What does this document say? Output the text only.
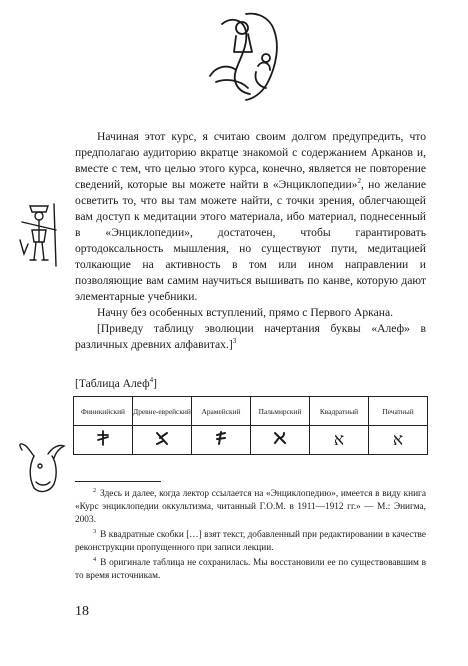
Начиная этот курс, я считаю своим долгом предупредить, что предполагаю аудиторию вкратце знакомой с содержанием Арканов и, вместе с тем, что целью этого курса, конечно, является не повторение сведений, которые вы можете найти в «Энциклопедии»$^2$, но желание осветить то, что вы там можете найти, с точки зрения, облегчающей вам доступ к медитации этого материала, ибо материал, поднесенный в «Энциклопедии», достаточен, чтобы гарантировать ортодоксальность мышления, но существуют пути, медитацией толкающие на активность в том или ином направлении и позволяющие вам самим научиться вышивать по канве, которую дают элементарные учебники.

Начну без особенных вступлений, прямо с Первого Аркана.

[Приведу таблицу эволюции начертания буквы «Алеф» в различных древних алфавитах.]$^3$

[Таблица Алеф$^4$]
Финикийский	Древне-еврейский	Арамейский	Пальмирский	Квадратный	Печатный
				א	א

$^2$ Здесь и далее, когда лектор ссылается на «Энциклопедию», имеется в виду книга «Курс энциклопедии оккультизма, читанный Г.О.М. в 1911—1912 гг.» — М.: Энигма, 2003.

$^3$ В квадратные скобки […] взят текст, добавленный при редактировании в качестве реконструкции пропущенного при записи лекции.

$^4$ В оригинале таблица не сохранилась. Мы восстановили ее по существовавшим в то время источникам.

18
